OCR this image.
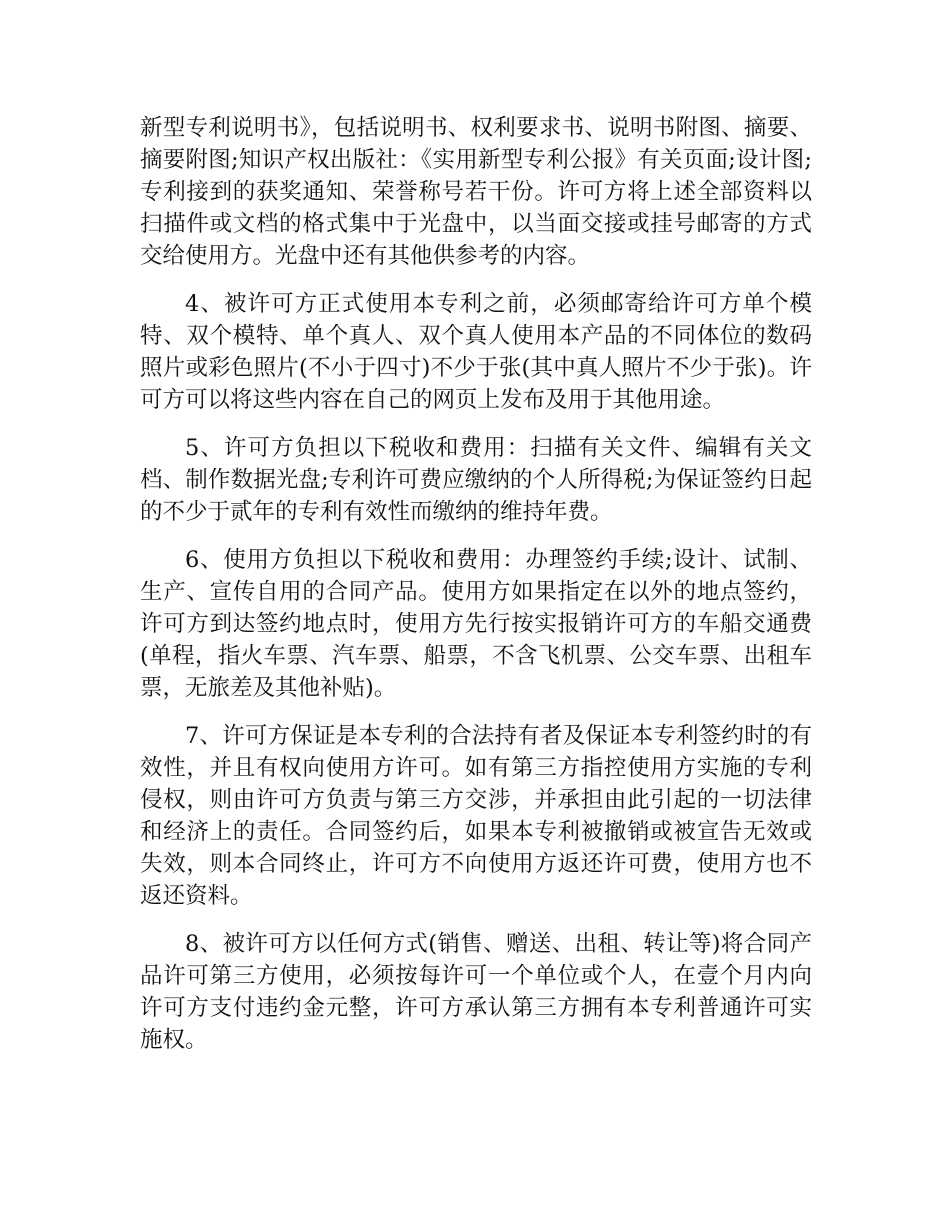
新型专利说明书》，包括说明书、权利要求书、说明书附图、摘要、摘要附图;知识产权出版社：《实用新型专利公报》有关页面;设计图;专利接到的获奖通知、荣誉称号若干份。许可方将上述全部资料以扫描件或文档的格式集中于光盘中，以当面交接或挂号邮寄的方式交给使用方。光盘中还有其他供参考的内容。

4、被许可方正式使用本专利之前，必须邮寄给许可方单个模特、双个模特、单个真人、双个真人使用本产品的不同体位的数码照片或彩色照片(不小于四寸)不少于张(其中真人照片不少于张)。许可方可以将这些内容在自己的网页上发布及用于其他用途。

5、许可方负担以下税收和费用：扫描有关文件、编辑有关文档、制作数据光盘;专利许可费应缴纳的个人所得税;为保证签约日起的不少于贰年的专利有效性而缴纳的维持年费。

6、使用方负担以下税收和费用：办理签约手续;设计、试制、生产、宣传自用的合同产品。使用方如果指定在以外的地点签约，许可方到达签约地点时，使用方先行按实报销许可方的车船交通费(单程，指火车票、汽车票、船票，不含飞机票、公交车票、出租车票，无旅差及其他补贴)。

7、许可方保证是本专利的合法持有者及保证本专利签约时的有效性，并且有权向使用方许可。如有第三方指控使用方实施的专利侵权，则由许可方负责与第三方交涉，并承担由此引起的一切法律和经济上的责任。合同签约后，如果本专利被撤销或被宣告无效或失效，则本合同终止，许可方不向使用方返还许可费，使用方也不返还资料。

8、被许可方以任何方式(销售、赠送、出租、转让等)将合同产品许可第三方使用，必须按每许可一个单位或个人，在壹个月内向许可方支付违约金元整，许可方承认第三方拥有本专利普通许可实施权。
